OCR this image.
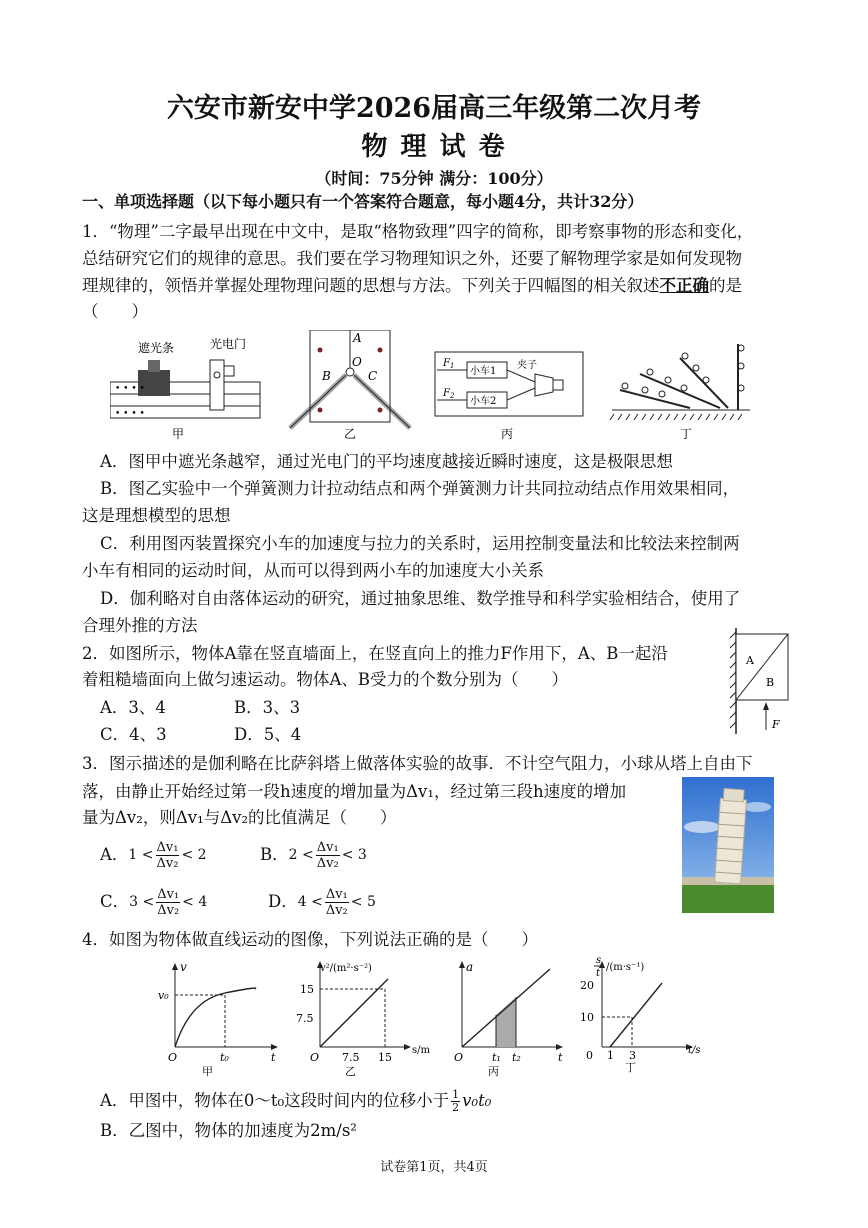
六安市新安中学2026届高三年级第二次月考
物 理 试 卷
（时间：75分钟 满分：100分）
一、单项选择题（以下每小题只有一个答案符合题意，每小题4分，共计32分）
1．“物理”二字最早出现在中文中，是取“格物致理”四字的简称，即考察事物的形态和变化，
总结研究它们的规律的意思。我们要在学习物理知识之外，还要了解物理学家是如何发现物
理规律的，领悟并掌握处理物理问题的思想与方法。下列关于四幅图的相关叙述不正确的是
（　　）
遮光条	光电门
• • • •
• • • •
甲
A
O
B	C
乙
小车1
小车2
$F_1$
$F_2$
夹子
丙	丁
A．图甲中遮光条越窄，通过光电门的平均速度越接近瞬时速度，这是极限思想
B．图乙实验中一个弹簧测力计拉动结点和两个弹簧测力计共同拉动结点作用效果相同，
这是理想模型的思想
C．利用图丙装置探究小车的加速度与拉力的关系时，运用控制变量法和比较法来控制两
小车有相同的运动时间，从而可以得到两小车的加速度大小关系
D．伽利略对自由落体运动的研究，通过抽象思维、数学推导和科学实验相结合，使用了
合理外推的方法
2．如图所示，物体A靠在竖直墙面上，在竖直向上的推力F作用下，A、B一起沿
着粗糙墙面向上做匀速运动。物体A、B受力的个数分别为（　　）
A．3、4	B．3、3
C．4、3	D．5、4
A
B
F
3．图示描述的是伽利略在比萨斜塔上做落体实验的故事．不计空气阻力，小球从塔上自由下
落，由静止开始经过第一段h速度的增加量为Δv₁，经过第三段h速度的增加
量为Δv₂，则Δv₁与Δv₂的比值满足（　　）
A． $1 < \frac{\text{Δv₁}}{\text{Δv₂}} < 2$	B． $2 < \frac{\text{Δv₁}}{\text{Δv₂}} < 3$
C． $3 < \frac{\text{Δv₁}}{\text{Δv₂}} < 4$	D． $4 < \frac{\text{Δv₁}}{\text{Δv₂}} < 5$
4．如图为物体做直线运动的图像，下列说法正确的是（　　）
v
v₀
O	t₀	t
甲
v²/(m²·s⁻²)
15
7.5
O 7.5 15
s/m
乙
a
O	t₁ t₂	t
丙
s
t
/(m·s⁻¹)
20
10
0 1 3	t/s
丁
A．甲图中，物体在0～t₀这段时间内的位移小于 $\frac{1}{2} v_0t_0$
B．乙图中，物体的加速度为2m/s²
试卷第1页，共4页
